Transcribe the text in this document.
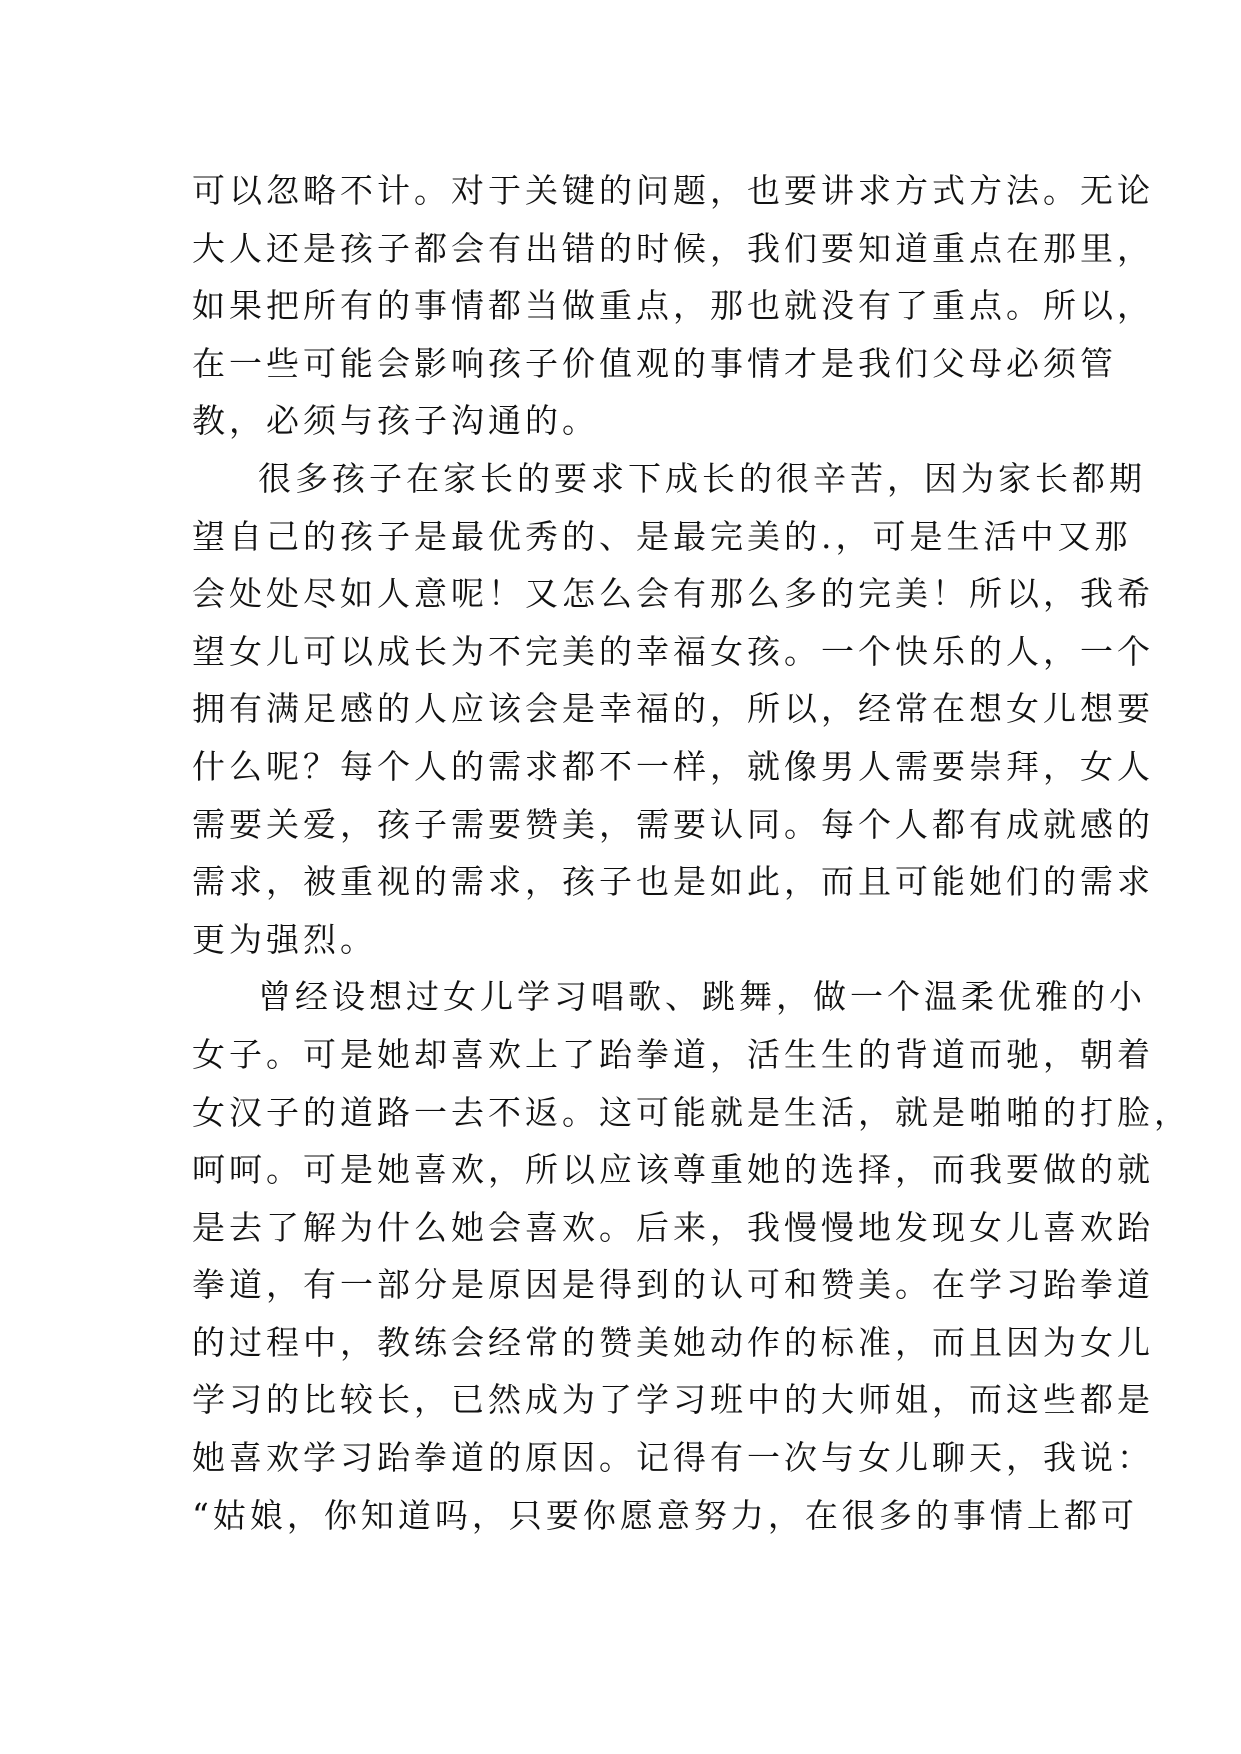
可以忽略不计。对于关键的问题，也要讲求方式方法。无论
大人还是孩子都会有出错的时候，我们要知道重点在那里，
如果把所有的事情都当做重点，那也就没有了重点。所以，
在一些可能会影响孩子价值观的事情才是我们父母必须管
教，必须与孩子沟通的。
很多孩子在家长的要求下成长的很辛苦，因为家长都期
望自己的孩子是最优秀的、是最完美的.，可是生活中又那
会处处尽如人意呢！又怎么会有那么多的完美！所以，我希
望女儿可以成长为不完美的幸福女孩。一个快乐的人，一个
拥有满足感的人应该会是幸福的，所以，经常在想女儿想要
什么呢？每个人的需求都不一样，就像男人需要崇拜，女人
需要关爱，孩子需要赞美，需要认同。每个人都有成就感的
需求，被重视的需求，孩子也是如此，而且可能她们的需求
更为强烈。
曾经设想过女儿学习唱歌、跳舞，做一个温柔优雅的小
女子。可是她却喜欢上了跆拳道，活生生的背道而驰，朝着
女汉子的道路一去不返。这可能就是生活，就是啪啪的打脸，
呵呵。可是她喜欢，所以应该尊重她的选择，而我要做的就
是去了解为什么她会喜欢。后来，我慢慢地发现女儿喜欢跆
拳道，有一部分是原因是得到的认可和赞美。在学习跆拳道
的过程中，教练会经常的赞美她动作的标准，而且因为女儿
学习的比较长，已然成为了学习班中的大师姐，而这些都是
她喜欢学习跆拳道的原因。记得有一次与女儿聊天，我说：
“姑娘，你知道吗，只要你愿意努力，在很多的事情上都可
